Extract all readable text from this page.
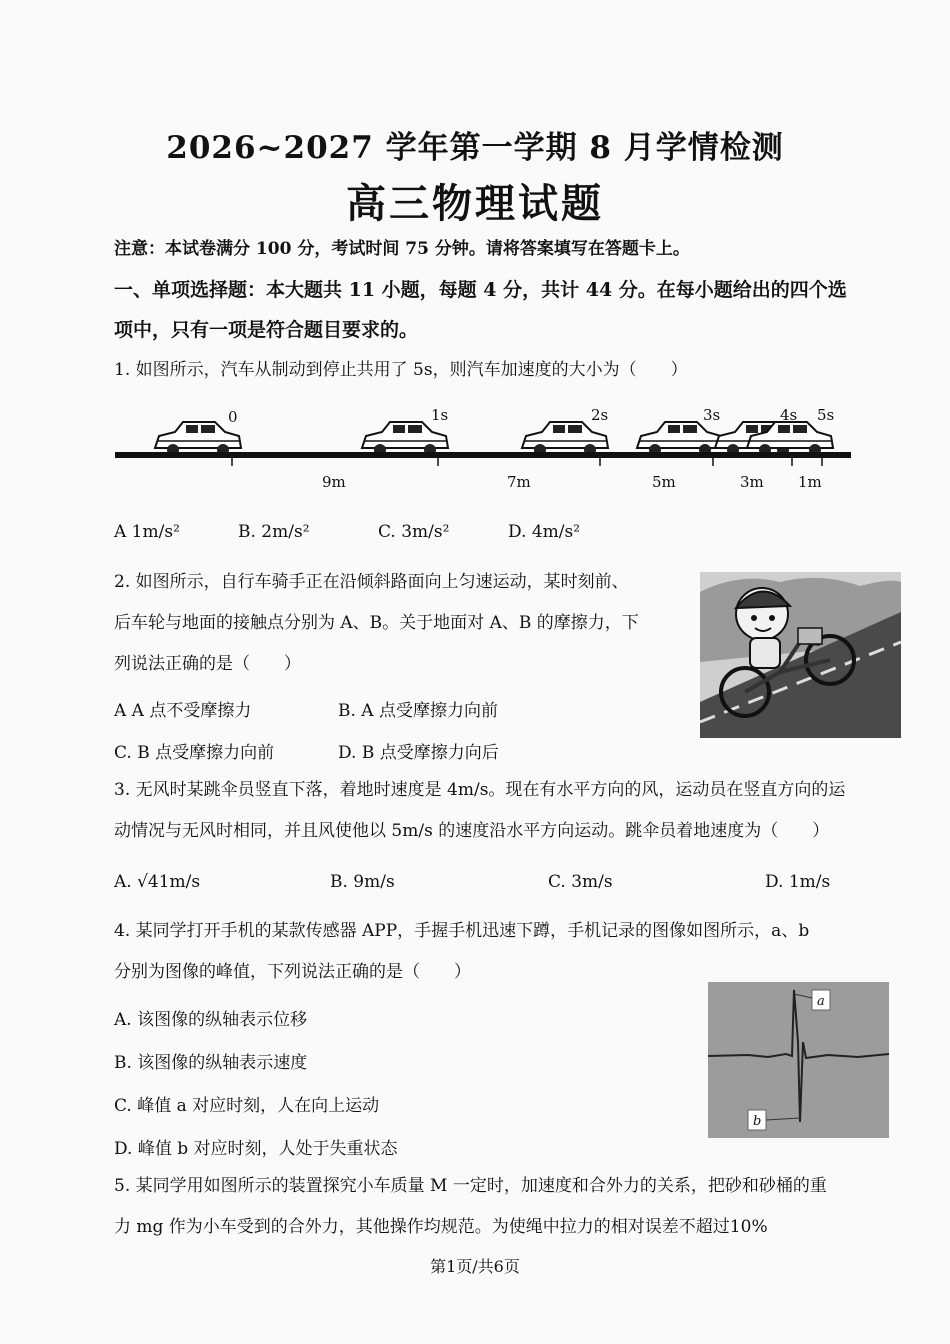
2026~2027 学年第一学期 8 月学情检测
高三物理试题
注意：本试卷满分 100 分，考试时间 75 分钟。请将答案填写在答题卡上。
一、单项选择题：本大题共 11 小题，每题 4 分，共计 44 分。在每小题给出的四个选
项中，只有一项是符合题目要求的。
1. 如图所示，汽车从制动到停止共用了 5s，则汽车加速度的大小为（　　）
0	1s	2s	3s	4s 5s
9m	7m	5m	3m 1m
A 1m/s²	B. 2m/s²	C. 3m/s²	D. 4m/s²
2. 如图所示，自行车骑手正在沿倾斜路面向上匀速运动，某时刻前、
后车轮与地面的接触点分别为 A、B。关于地面对 A、B 的摩擦力，下
列说法正确的是（　　）
A A 点不受摩擦力	B. A 点受摩擦力向前
C. B 点受摩擦力向前	D. B 点受摩擦力向后
3. 无风时某跳伞员竖直下落，着地时速度是 4m/s。现在有水平方向的风，运动员在竖直方向的运
动情况与无风时相同，并且风使他以 5m/s 的速度沿水平方向运动。跳伞员着地速度为（　　）
A. √41m/s	B. 9m/s	C. 3m/s	D. 1m/s
4. 某同学打开手机的某款传感器 APP，手握手机迅速下蹲，手机记录的图像如图所示，a、b
分别为图像的峰值，下列说法正确的是（　　）
A. 该图像的纵轴表示位移
B. 该图像的纵轴表示速度
C. 峰值 a 对应时刻，人在向上运动
D. 峰值 b 对应时刻，人处于失重状态
a
b
5. 某同学用如图所示的装置探究小车质量 M 一定时，加速度和合外力的关系，把砂和砂桶的重
力 mg 作为小车受到的合外力，其他操作均规范。为使绳中拉力的相对误差不超过10%
第1页/共6页
